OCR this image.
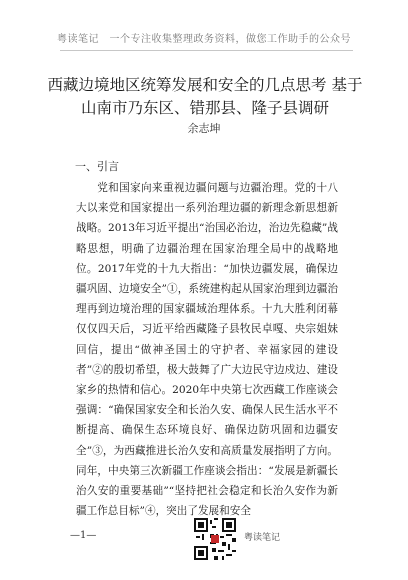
粤读笔记　一个专注收集整理政务资料，做您工作助手的公众号
西藏边境地区统筹发展和安全的几点思考 基于山南市乃东区、错那县、隆子县调研
余志坤
一、引言

党和国家向来重视边疆问题与边疆治理。党的十八大以来党和国家提出一系列治理边疆的新理念新思想新战略。2013年习近平提出“治国必治边，治边先稳藏”战略思想，明确了边疆治理在国家治理全局中的战略地位。2017年党的十九大指出：“加快边疆发展，确保边疆巩固、边境安全”①，系统建构起从国家治理到边疆治理再到边境治理的国家疆域治理体系。十九大胜利闭幕仅仅四天后，习近平给西藏隆子县牧民卓嘎、央宗姐妹回信，提出“做神圣国土的守护者、幸福家园的建设者”②的殷切希望，极大鼓舞了广大边民守边戍边、建设家乡的热情和信心。2020年中央第七次西藏工作座谈会强调：“确保国家安全和长治久安、确保人民生活水平不断提高、确保生态环境良好、确保边防巩固和边疆安全”③，为西藏推进长治久安和高质量发展指明了方向。同年，中央第三次新疆工作座谈会指出：“发展是新疆长治久安的重要基础”“坚持把社会稳定和长治久安作为新疆工作总目标”④，突出了发展和安全

—1—	粤读笔记
